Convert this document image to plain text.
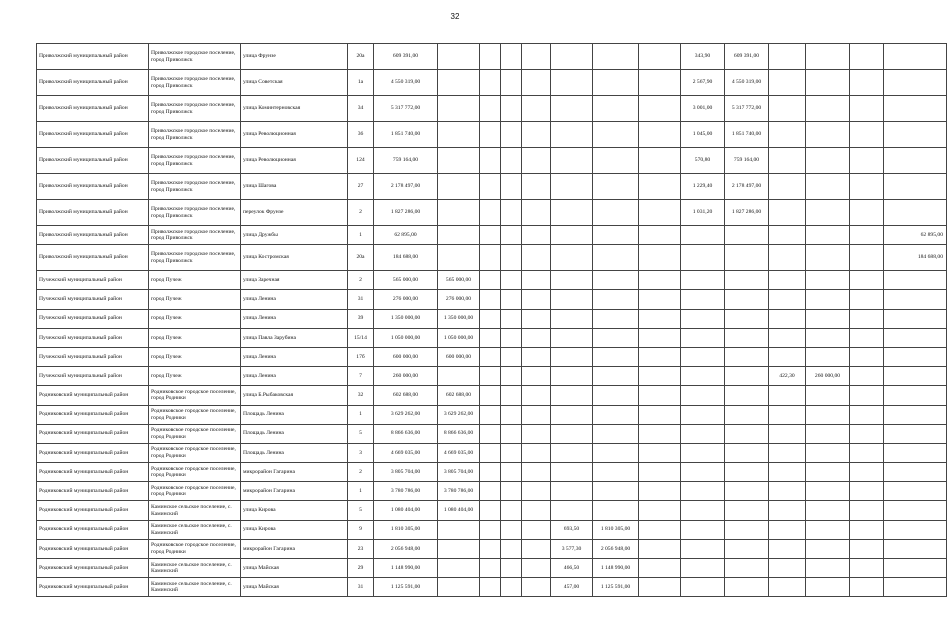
32
Приволжский муниципальный район	Приволжское городское поселение, город Приволжск	улица Фрунзе	20а	609 391,00								343,90	609 391,00				
Приволжский муниципальный район	Приволжское городское поселение, город Приволжск	улица Советская	1а	4 550 319,00								2 567,90	4 550 319,00				
Приволжский муниципальный район	Приволжское городское поселение, город Приволжск	улица Коминтерновская	34	5 317 772,00								3 001,00	5 317 772,00				
Приволжский муниципальный район	Приволжское городское поселение, город Приволжск	улица Революционная	36	1 851 740,00								1 045,00	1 851 740,00				
Приволжский муниципальный район	Приволжское городское поселение, город Приволжск	улица Революционная	124	759 164,00								570,80	759 164,00				
Приволжский муниципальный район	Приволжское городское поселение, город Приволжск	улица Шагова	27	2 178 497,00								1 229,40	2 178 497,00				
Приволжский муниципальный район	Приволжское городское поселение, город Приволжск	переулок Фрунзе	2	1 827 286,00								1 031,20	1 827 286,00				
Приволжский муниципальный район	Приволжское городское поселение, город Приволжск	улица Дружбы	1	62 895,00													62 895,00
Приволжский муниципальный район	Приволжское городское поселение, город Приволжск	улица Костромская	20а	184 688,00													184 688,00
Пучежский муниципальный район	город Пучеж	улица Заречная	2	565 000,00	565 000,00												
Пучежский муниципальный район	город Пучеж	улица Ленина	31	276 000,00	276 000,00												
Пучежский муниципальный район	город Пучеж	улица Ленина	39	1 350 000,00	1 350 000,00												
Пучежский муниципальный район	город Пучеж	улица Павла Зарубина	15/14	1 050 000,00	1 050 000,00												
Пучежский муниципальный район	город Пучеж	улица Ленина	17б	600 000,00	600 000,00												
Пучежский муниципальный район	город Пучеж	улица Ленина	7	260 000,00										422,30	260 000,00		
Родниковский муниципальный район	Родниковское городское поселение, город Родники	улица Б.Рыбаковская	32	602 688,00	602 688,00												
Родниковский муниципальный район	Родниковское городское поселение, город Родники	Площадь Ленина	1	3 629 262,00	3 629 262,00												
Родниковский муниципальный район	Родниковское городское поселение, город Родники	Площадь Ленина	5	8 866 636,00	8 866 636,00												
Родниковский муниципальный район	Родниковское городское поселение, город Родники	Площадь Ленина	3	4 669 035,00	4 669 035,00												
Родниковский муниципальный район	Родниковское городское поселение, город Родники	микрорайон Гагарина	2	3 805 704,00	3 805 704,00												
Родниковский муниципальный район	Родниковское городское поселение, город Родники	микрорайон Гагарина	1	3 780 786,00	3 780 786,00												
Родниковский муниципальный район	Каминское сельское поселение, с. Каминский	улица Кирова	5	1 080 404,00	1 080 404,00												
Родниковский муниципальный район	Каминское сельское поселение, с. Каминский	улица Кирова	9	1 810 305,00					693,50	1 810 305,00							
Родниковский муниципальный район	Родниковское городское поселение, город Родники	микрорайон Гагарина	23	2 056 948,00					3 577,30	2 056 948,00							
Родниковский муниципальный район	Каминское сельское поселение, с. Каминский	улица Майская	29	1 148 990,00					466,50	1 148 990,00							
Родниковский муниципальный район	Каминское сельское поселение, с. Каминский	улица Майская	31	1 125 591,00					457,00	1 125 591,00							
